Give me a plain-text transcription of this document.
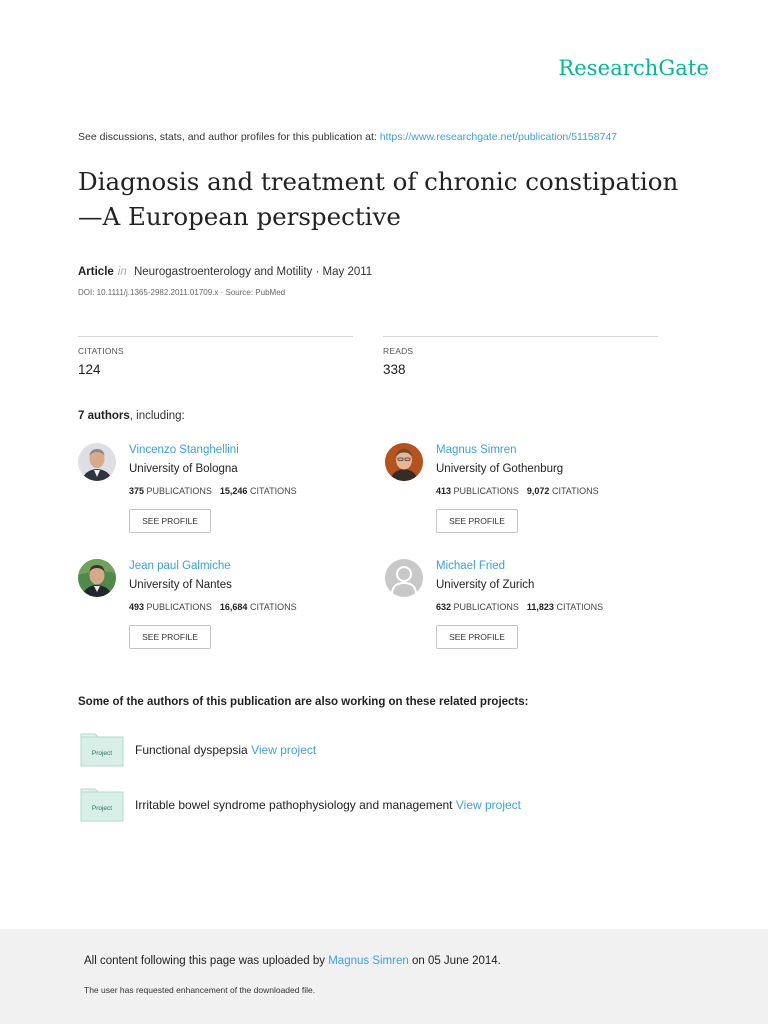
ResearchGate
See discussions, stats, and author profiles for this publication at: https://www.researchgate.net/publication/51158747
Diagnosis and treatment of chronic constipation—A European perspective
Article in Neurogastroenterology and Motility · May 2011
DOI: 10.1111/j.1365-2982.2011.01709.x · Source: PubMed
CITATIONS
124
READS
338
7 authors, including:
Vincenzo Stanghellini
University of Bologna
375 PUBLICATIONS 15,246 CITATIONS
SEE PROFILE
Magnus Simren
University of Gothenburg
413 PUBLICATIONS 9,072 CITATIONS
SEE PROFILE
Jean paul Galmiche
University of Nantes
493 PUBLICATIONS 16,684 CITATIONS
SEE PROFILE
Michael Fried
University of Zurich
632 PUBLICATIONS 11,823 CITATIONS
SEE PROFILE
Some of the authors of this publication are also working on these related projects:
Project	Functional dyspepsia View project
Project	Irritable bowel syndrome pathophysiology and management View project
All content following this page was uploaded by Magnus Simren on 05 June 2014.
The user has requested enhancement of the downloaded file.
